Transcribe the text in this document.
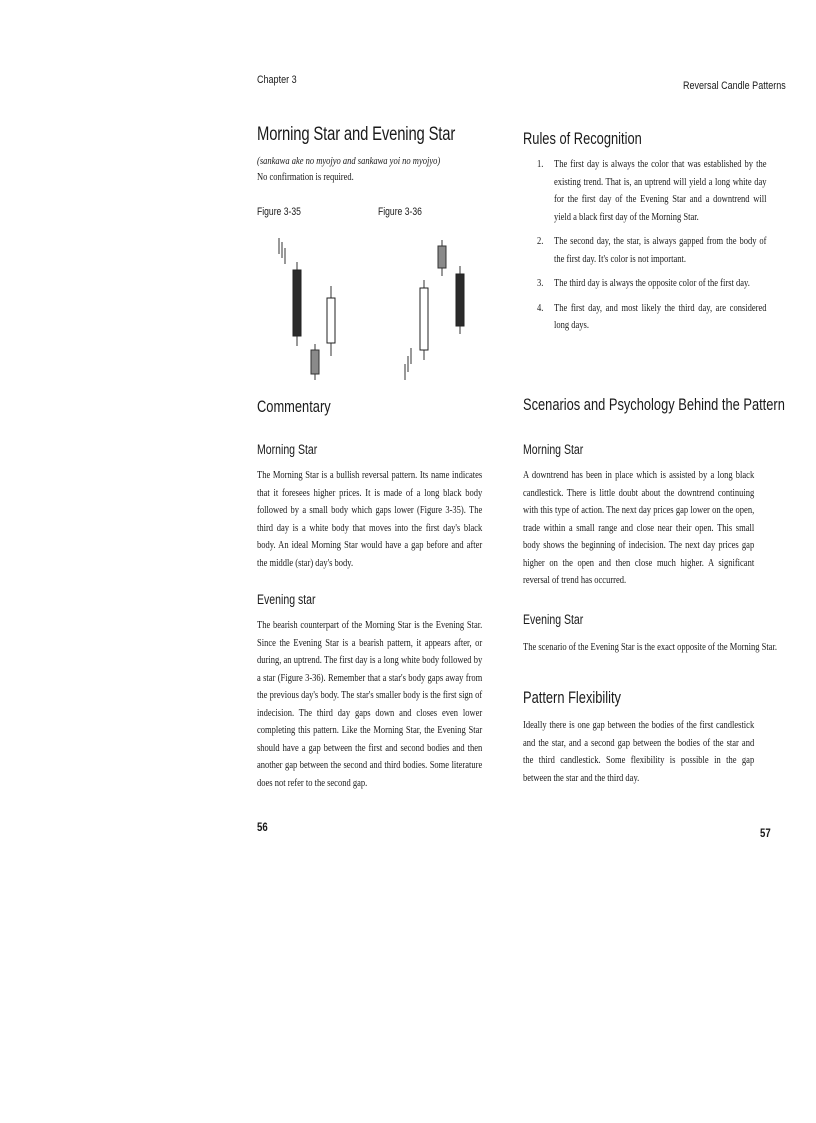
Chapter 3
Morning Star and Evening Star
(sankawa ake no myojyo and sankawa yoi no myojyo)
No confirmation is required.
Figure 3-35	Figure 3-36
Commentary
Morning Star
The Morning Star is a bullish reversal pattern. Its name indicates that it foresees higher prices. It is made of a long black body followed by a small body which gaps lower (Figure 3-35). The third day is a white body that moves into the first day's black body. An ideal Morning Star would have a gap before and after the middle (star) day's body.
Evening star
The bearish counterpart of the Morning Star is the Evening Star. Since the Evening Star is a bearish pattern, it appears after, or during, an uptrend. The first day is a long white body followed by a star (Figure 3-36). Remember that a star's body gaps away from the previous day's body. The star's smaller body is the first sign of indecision. The third day gaps down and closes even lower completing this pattern. Like the Morning Star, the Evening Star should have a gap between the first and second bodies and then another gap between the second and third bodies. Some literature does not refer to the second gap.
56
Reversal Candle Patterns
Rules of Recognition
1. The first day is always the color that was established by the existing trend. That is, an uptrend will yield a long white day for the first day of the Evening Star and a downtrend will yield a black first day of the Morning Star.
2. The second day, the star, is always gapped from the body of the first day. It's color is not important.
3. The third day is always the opposite color of the first day.
4. The first day, and most likely the third day, are considered long days.
Scenarios and Psychology Behind the Pattern
Morning Star
A downtrend has been in place which is assisted by a long black candlestick. There is little doubt about the downtrend continuing with this type of action. The next day prices gap lower on the open, trade within a small range and close near their open. This small body shows the beginning of indecision. The next day prices gap higher on the open and then close much higher. A significant reversal of trend has occurred.
Evening Star
The scenario of the Evening Star is the exact opposite of the Morning Star.
Pattern Flexibility
Ideally there is one gap between the bodies of the first candlestick and the star, and a second gap between the bodies of the star and the third candlestick. Some flexibility is possible in the gap between the star and the third day.
57
